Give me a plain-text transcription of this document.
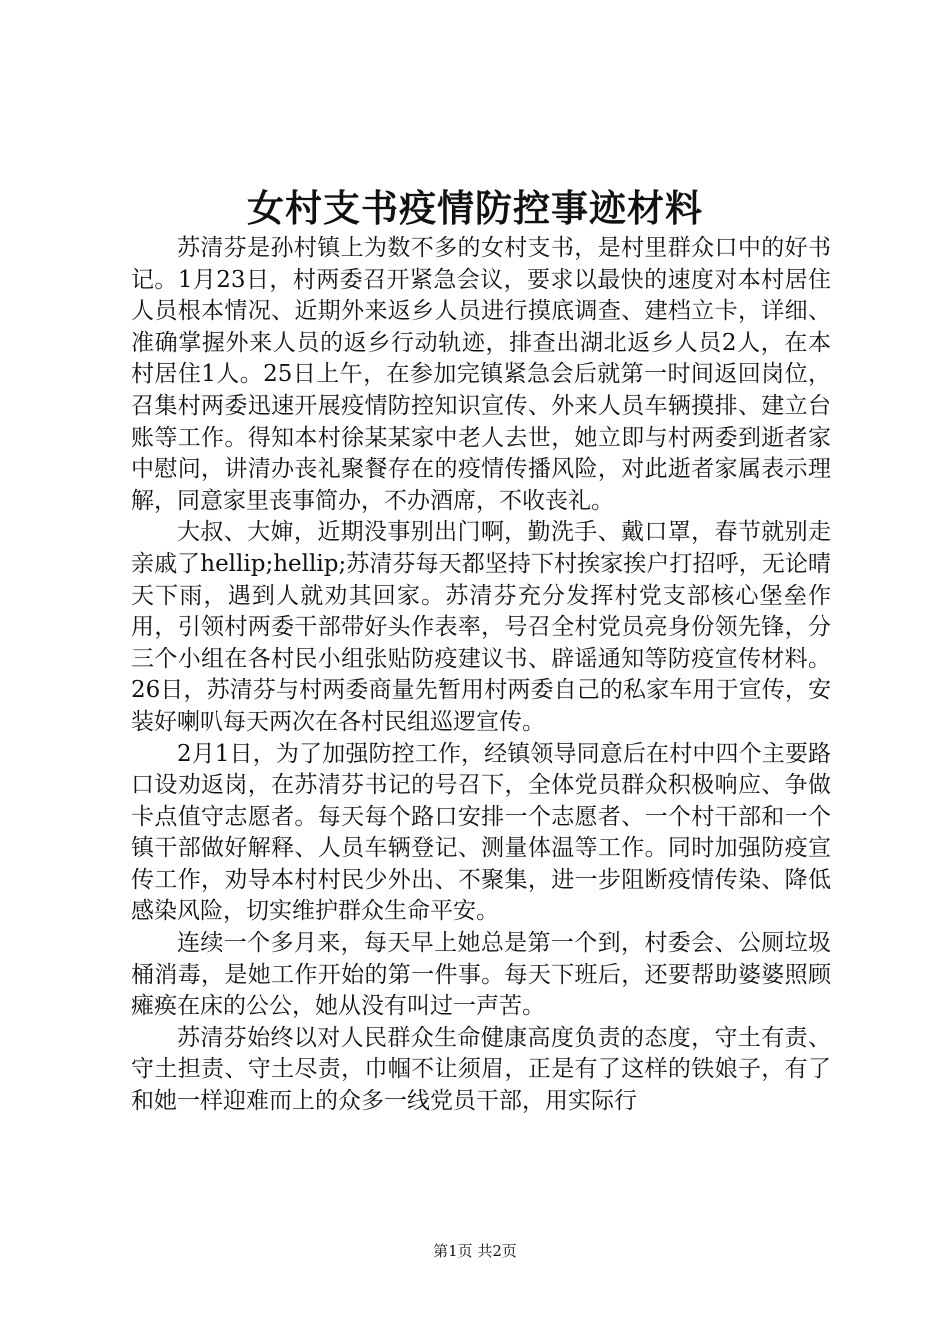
女村支书疫情防控事迹材料

苏清芬是孙村镇上为数不多的女村支书，是村里群众口中的好书记。1月23日，村两委召开紧急会议，要求以最快的速度对本村居住人员根本情况、近期外来返乡人员进行摸底调查、建档立卡，详细、准确掌握外来人员的返乡行动轨迹，排查出湖北返乡人员2人，在本村居住1人。25日上午，在参加完镇紧急会后就第一时间返回岗位，召集村两委迅速开展疫情防控知识宣传、外来人员车辆摸排、建立台账等工作。得知本村徐某某家中老人去世，她立即与村两委到逝者家中慰问，讲清办丧礼聚餐存在的疫情传播风险，对此逝者家属表示理解，同意家里丧事简办，不办酒席，不收丧礼。

大叔、大婶，近期没事别出门啊，勤洗手、戴口罩，春节就别走亲戚了hellip;hellip;苏清芬每天都坚持下村挨家挨户打招呼，无论晴天下雨，遇到人就劝其回家。苏清芬充分发挥村党支部核心堡垒作用，引领村两委干部带好头作表率，号召全村党员亮身份领先锋，分三个小组在各村民小组张贴防疫建议书、辟谣通知等防疫宣传材料。26日，苏清芬与村两委商量先暂用村两委自己的私家车用于宣传，安装好喇叭每天两次在各村民组巡逻宣传。

2月1日，为了加强防控工作，经镇领导同意后在村中四个主要路口设劝返岗，在苏清芬书记的号召下，全体党员群众积极响应、争做卡点值守志愿者。每天每个路口安排一个志愿者、一个村干部和一个镇干部做好解释、人员车辆登记、测量体温等工作。同时加强防疫宣传工作，劝导本村村民少外出、不聚集，进一步阻断疫情传染、降低感染风险，切实维护群众生命平安。

连续一个多月来，每天早上她总是第一个到，村委会、公厕垃圾桶消毒，是她工作开始的第一件事。每天下班后，还要帮助婆婆照顾瘫痪在床的公公，她从没有叫过一声苦。

苏清芬始终以对人民群众生命健康高度负责的态度，守土有责、守土担责、守土尽责，巾帼不让须眉，正是有了这样的铁娘子，有了和她一样迎难而上的众多一线党员干部，用实际行

第1页 共2页
